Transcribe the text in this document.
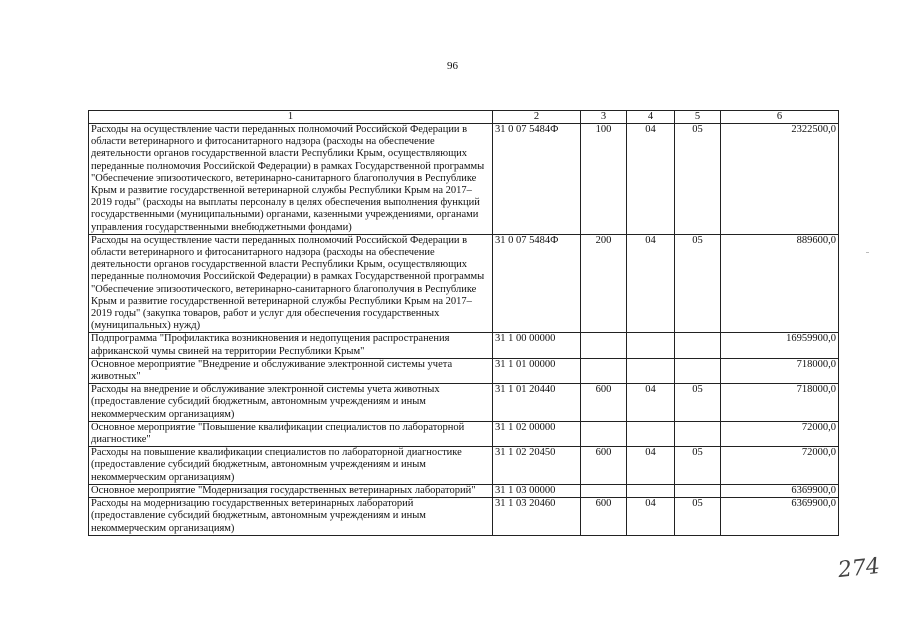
96
1	2	3	4	5	6
Расходы на осуществление части переданных полномочий Российской Федерации в области ветеринарного и фитосанитарного надзора (расходы на обеспечение деятельности органов государственной власти Республики Крым, осуществляющих переданные полномочия Российской Федерации) в рамках Государственной программы "Обеспечение эпизоотического, ветеринарно-санитарного благополучия в Республике Крым и развитие государственной ветеринарной службы Республики Крым на 2017–2019 годы" (расходы на выплаты персоналу в целях обеспечения выполнения функций государственными (муниципальными) органами, казенными учреждениями, органами управления государственными внебюджетными фондами)	31 0 07 5484Ф	100	04	05	2322500,0
Расходы на осуществление части переданных полномочий Российской Федерации в области ветеринарного и фитосанитарного надзора (расходы на обеспечение деятельности органов государственной власти Республики Крым, осуществляющих переданные полномочия Российской Федерации) в рамках Государственной программы "Обеспечение эпизоотического, ветеринарно-санитарного благополучия в Республике Крым и развитие государственной ветеринарной службы Республики Крым на 2017–2019 годы" (закупка товаров, работ и услуг для обеспечения государственных (муниципальных) нужд)	31 0 07 5484Ф	200	04	05	889600,0
Подпрограмма "Профилактика возникновения и недопущения распространения африканской чумы свиней на территории Республики Крым"	31 1 00 00000				16959900,0
Основное мероприятие "Внедрение и обслуживание электронной системы учета животных"	31 1 01 00000				718000,0
Расходы на внедрение и обслуживание электронной системы учета животных (предоставление субсидий бюджетным, автономным учреждениям и иным некоммерческим организациям)	31 1 01 20440	600	04	05	718000,0
Основное мероприятие "Повышение квалификации специалистов по лабораторной диагностике"	31 1 02 00000				72000,0
Расходы на повышение квалификации специалистов по лабораторной диагностике (предоставление субсидий бюджетным, автономным учреждениям и иным некоммерческим организациям)	31 1 02 20450	600	04	05	72000,0
Основное мероприятие "Модернизация государственных ветеринарных лабораторий"	31 1 03 00000				6369900,0
Расходы на модернизацию государственных ветеринарных лабораторий (предоставление субсидий бюджетным, автономным учреждениям и иным некоммерческим организациям)	31 1 03 20460	600	04	05	6369900,0
274
